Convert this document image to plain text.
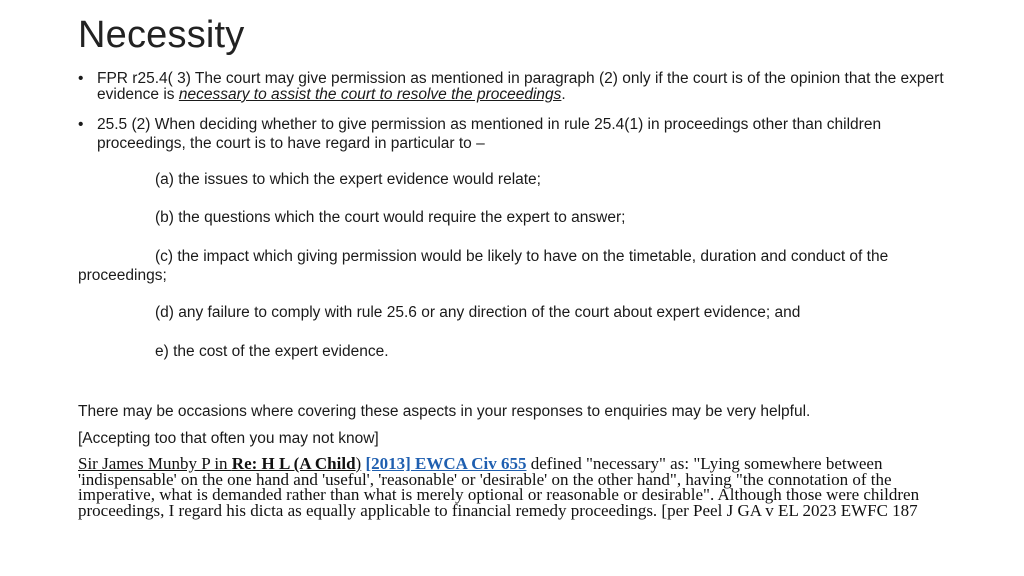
Necessity
• FPR r25.4( 3) The court may give permission as mentioned in paragraph (2) only if the court is of the opinion that the expert evidence is necessary to assist the court to resolve the proceedings.
• 25.5 (2) When deciding whether to give permission as mentioned in rule 25.4(1) in proceedings other than children proceedings, the court is to have regard in particular to –
(a) the issues to which the expert evidence would relate;
(b) the questions which the court would require the expert to answer;
(c) the impact which giving permission would be likely to have on the timetable, duration and conduct of the proceedings;
(d) any failure to comply with rule 25.6 or any direction of the court about expert evidence; and
e) the cost of the expert evidence.
There may be occasions where covering these aspects in your responses to enquiries may be very helpful.
[Accepting too that often you may not know]
Sir James Munby P in Re: H L (A Child) [2013] EWCA Civ 655 defined "necessary" as: "Lying somewhere between 'indispensable' on the one hand and 'useful', 'reasonable' or 'desirable' on the other hand", having "the connotation of the imperative, what is demanded rather than what is merely optional or reasonable or desirable". Although those were children proceedings, I regard his dicta as equally applicable to financial remedy proceedings. [per Peel J GA v EL 2023 EWFC 187
